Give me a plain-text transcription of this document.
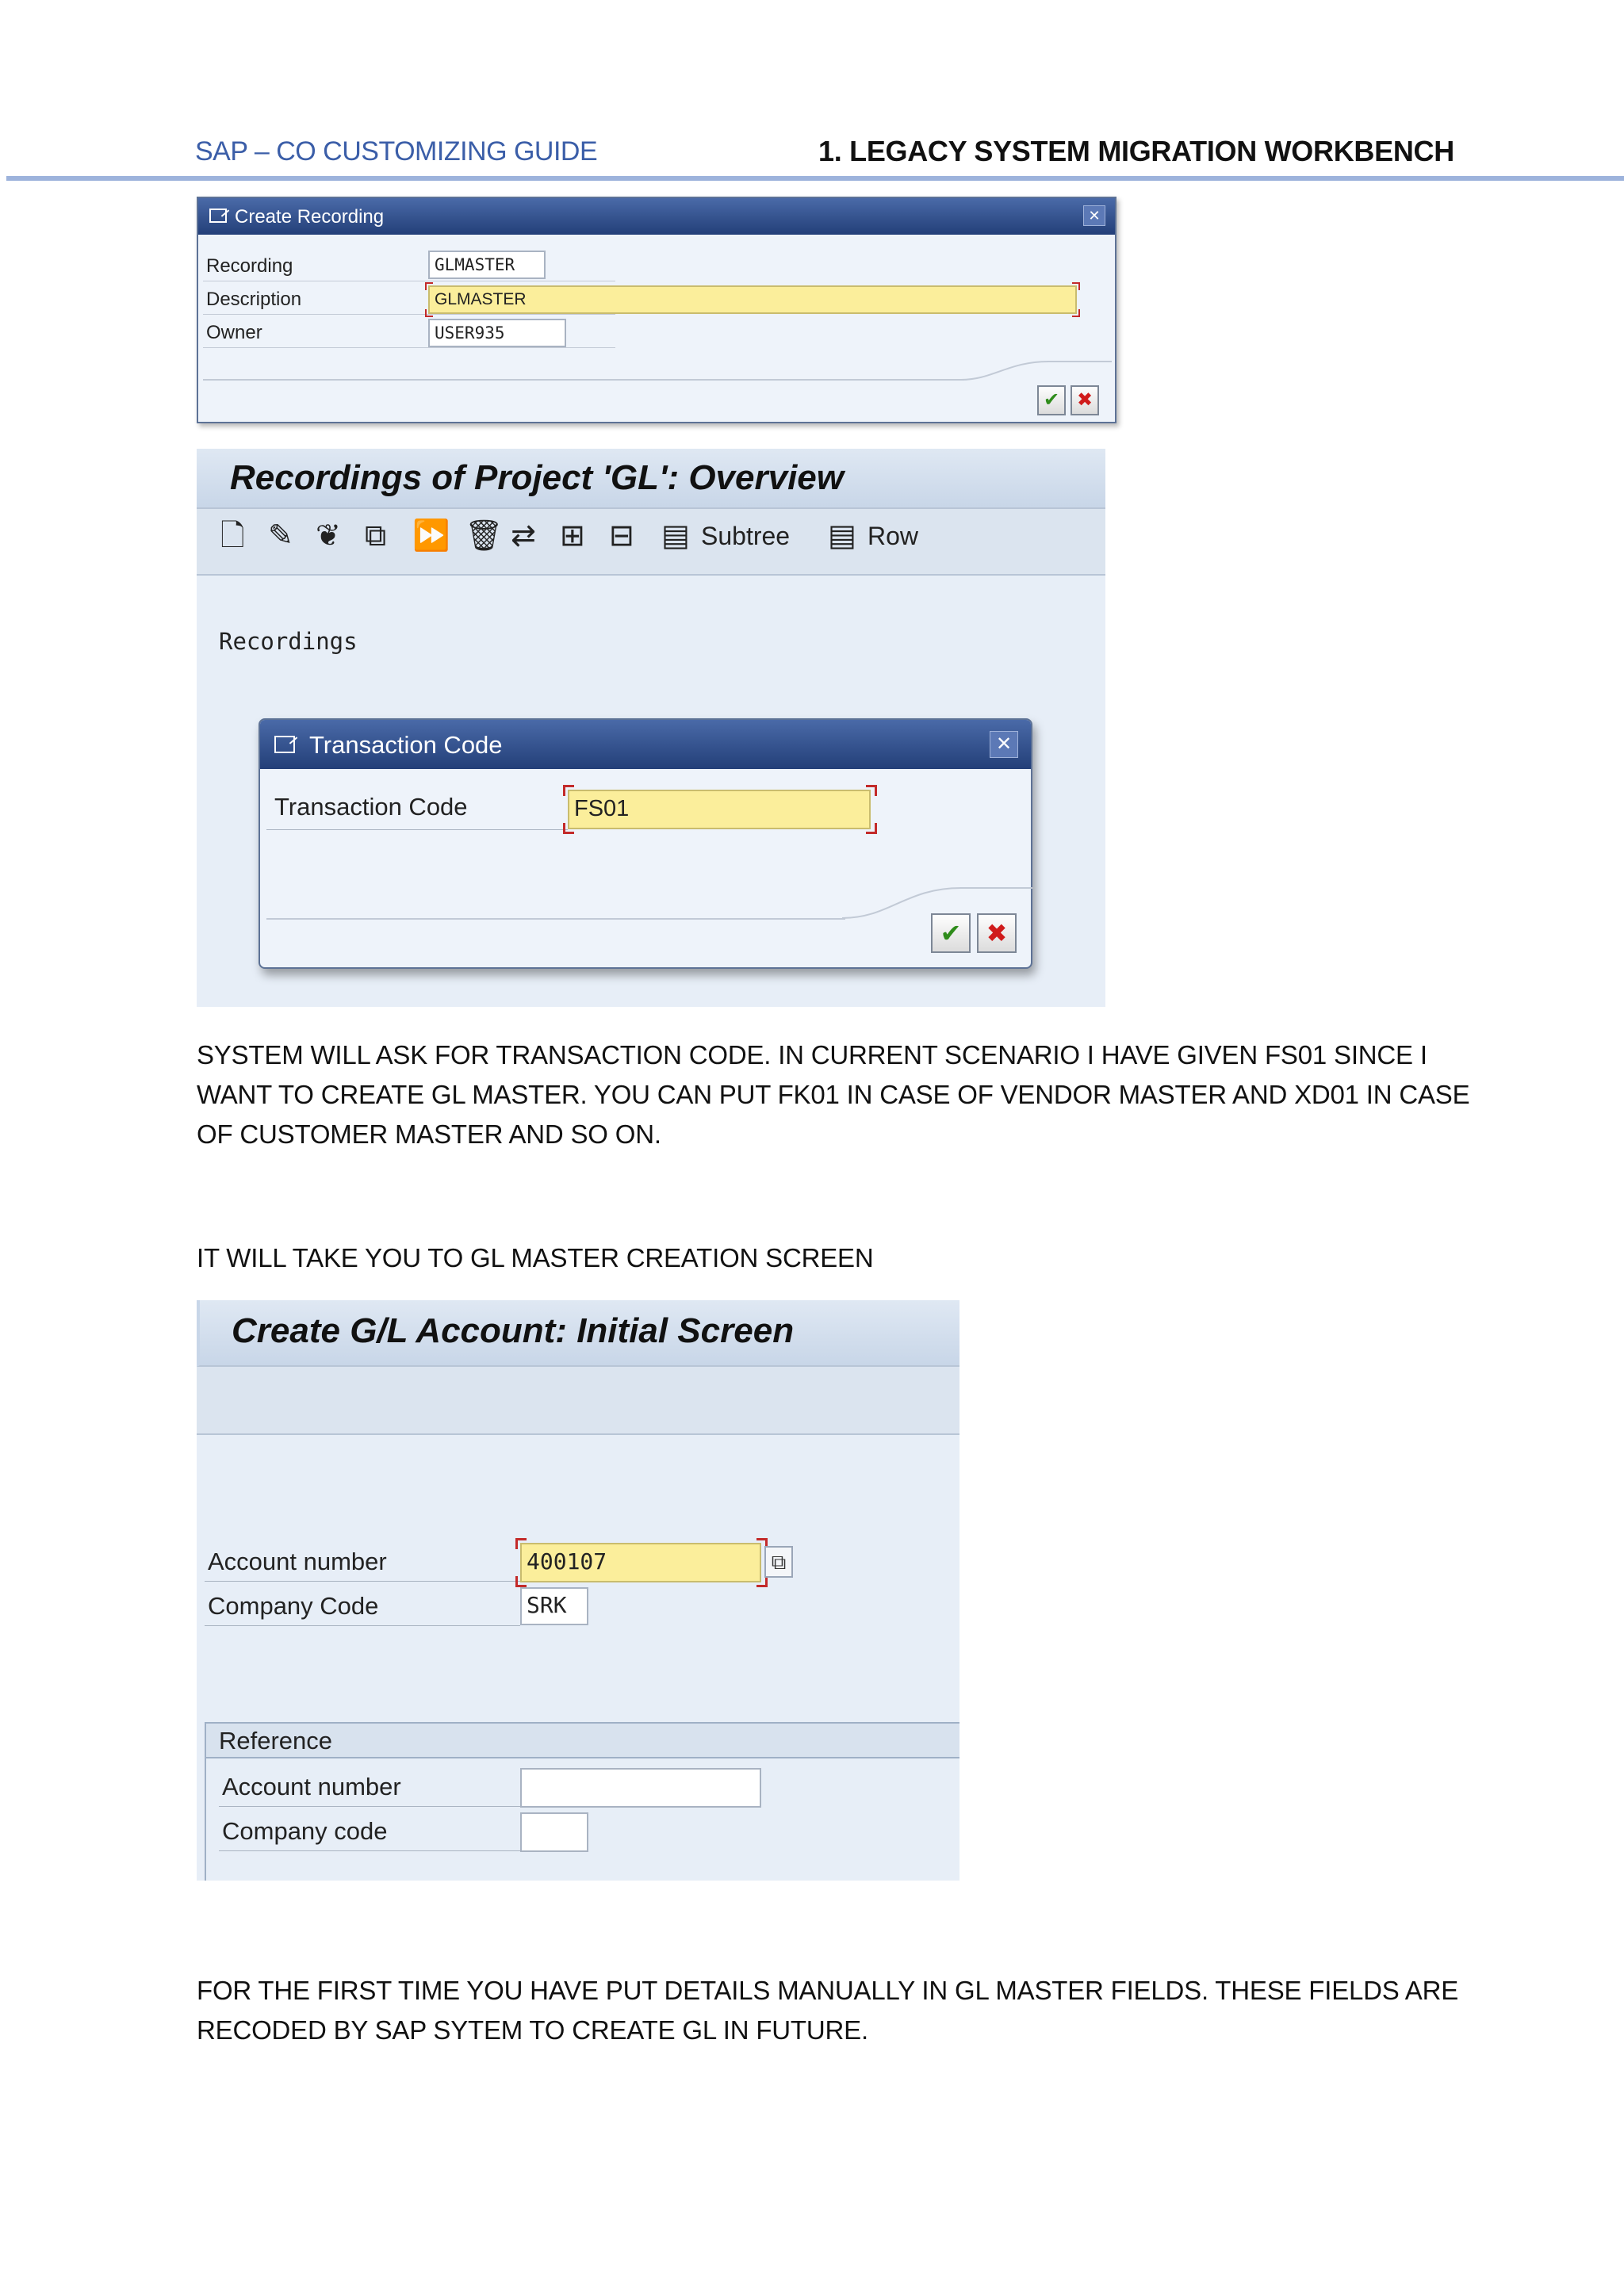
SAP – CO CUSTOMIZING GUIDE	1. LEGACY SYSTEM MIGRATION WORKBENCH
Create Recording	✕
Recording	GLMASTER
Description	GLMASTER
Owner	USER935
✔ ✖
Recordings of Project 'GL': Overview
🗋 ✎ ❦ ⧉ ⏩ 🗑 ⇄ ⊞ ⊟ ▤ Subtree ▤ Row
Recordings
Transaction Code	✕
Transaction Code	FS01
✔ ✖
SYSTEM WILL ASK FOR TRANSACTION CODE. IN CURRENT SCENARIO I HAVE GIVEN FS01 SINCE I WANT TO CREATE GL MASTER. YOU CAN PUT FK01 IN CASE OF VENDOR MASTER AND XD01 IN CASE OF CUSTOMER MASTER AND SO ON.
IT WILL TAKE YOU TO GL MASTER CREATION SCREEN
Create G/L Account: Initial Screen
Account number	400107	⧉
Company Code	SRK
Reference
Account number
Company code
FOR THE FIRST TIME YOU HAVE PUT DETAILS MANUALLY IN GL MASTER FIELDS. THESE FIELDS ARE RECODED BY SAP SYTEM TO CREATE GL IN FUTURE.
